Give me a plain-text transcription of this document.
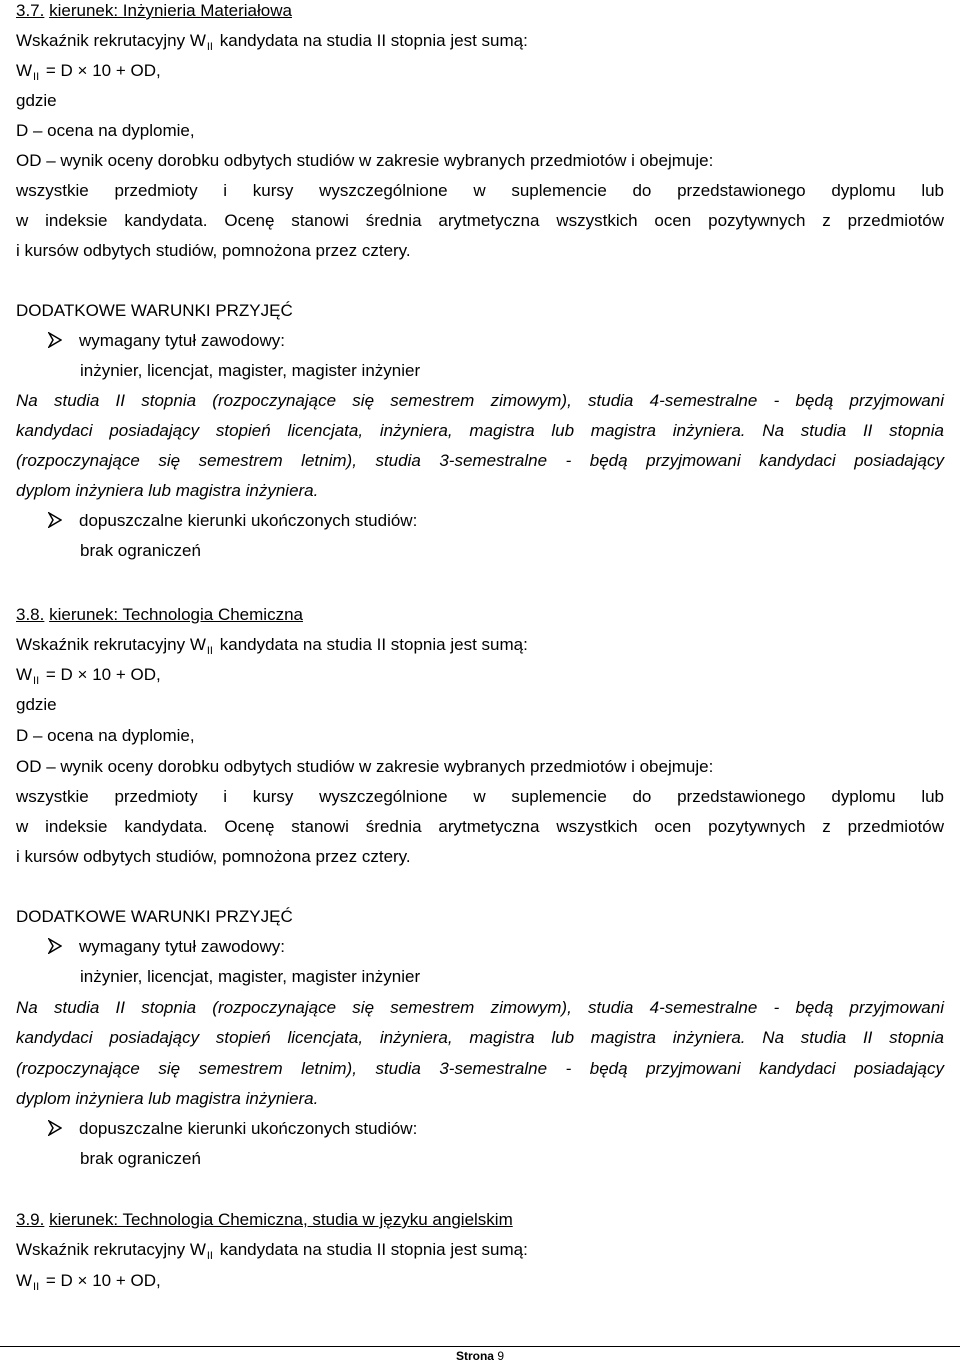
3.7. kierunek: Inżynieria Materiałowa
Wskaźnik rekrutacyjny $W_{II}$ kandydata na studia II stopnia jest sumą:
$W_{II} = D \times 10$ + OD,
gdzie
D – ocena na dyplomie,
OD – wynik oceny dorobku odbytych studiów w zakresie wybranych przedmiotów i obejmuje:
wszystkie przedmioty i kursy wyszczególnione w suplemencie do przedstawionego dyplomu lub
w indeksie kandydata. Ocenę stanowi średnia arytmetyczna wszystkich ocen pozytywnych z przedmiotów
i kursów odbytych studiów, pomnożona przez cztery.
DODATKOWE WARUNKI PRZYJĘĆ
wymagany tytuł zawodowy:
inżynier, licencjat, magister, magister inżynier
Na studia II stopnia (rozpoczynające się semestrem zimowym), studia 4-semestralne - będą przyjmowani
kandydaci posiadający stopień licencjata, inżyniera, magistra lub magistra inżyniera. Na studia II stopnia
(rozpoczynające się semestrem letnim), studia 3-semestralne - będą przyjmowani kandydaci posiadający
dyplom inżyniera lub magistra inżyniera.
dopuszczalne kierunki ukończonych studiów:
brak ograniczeń
3.8. kierunek: Technologia Chemiczna
Wskaźnik rekrutacyjny $W_{II}$ kandydata na studia II stopnia jest sumą:
$W_{II} = D \times 10$ + OD,
gdzie
D – ocena na dyplomie,
OD – wynik oceny dorobku odbytych studiów w zakresie wybranych przedmiotów i obejmuje:
wszystkie przedmioty i kursy wyszczególnione w suplemencie do przedstawionego dyplomu lub
w indeksie kandydata. Ocenę stanowi średnia arytmetyczna wszystkich ocen pozytywnych z przedmiotów
i kursów odbytych studiów, pomnożona przez cztery.
DODATKOWE WARUNKI PRZYJĘĆ
wymagany tytuł zawodowy:
inżynier, licencjat, magister, magister inżynier
Na studia II stopnia (rozpoczynające się semestrem zimowym), studia 4-semestralne - będą przyjmowani
kandydaci posiadający stopień licencjata, inżyniera, magistra lub magistra inżyniera. Na studia II stopnia
(rozpoczynające się semestrem letnim), studia 3-semestralne - będą przyjmowani kandydaci posiadający
dyplom inżyniera lub magistra inżyniera.
dopuszczalne kierunki ukończonych studiów:
brak ograniczeń
3.9. kierunek: Technologia Chemiczna, studia w języku angielskim
Wskaźnik rekrutacyjny $W_{II}$ kandydata na studia II stopnia jest sumą:
$W_{II} = D \times 10$ + OD,
Strona 9
